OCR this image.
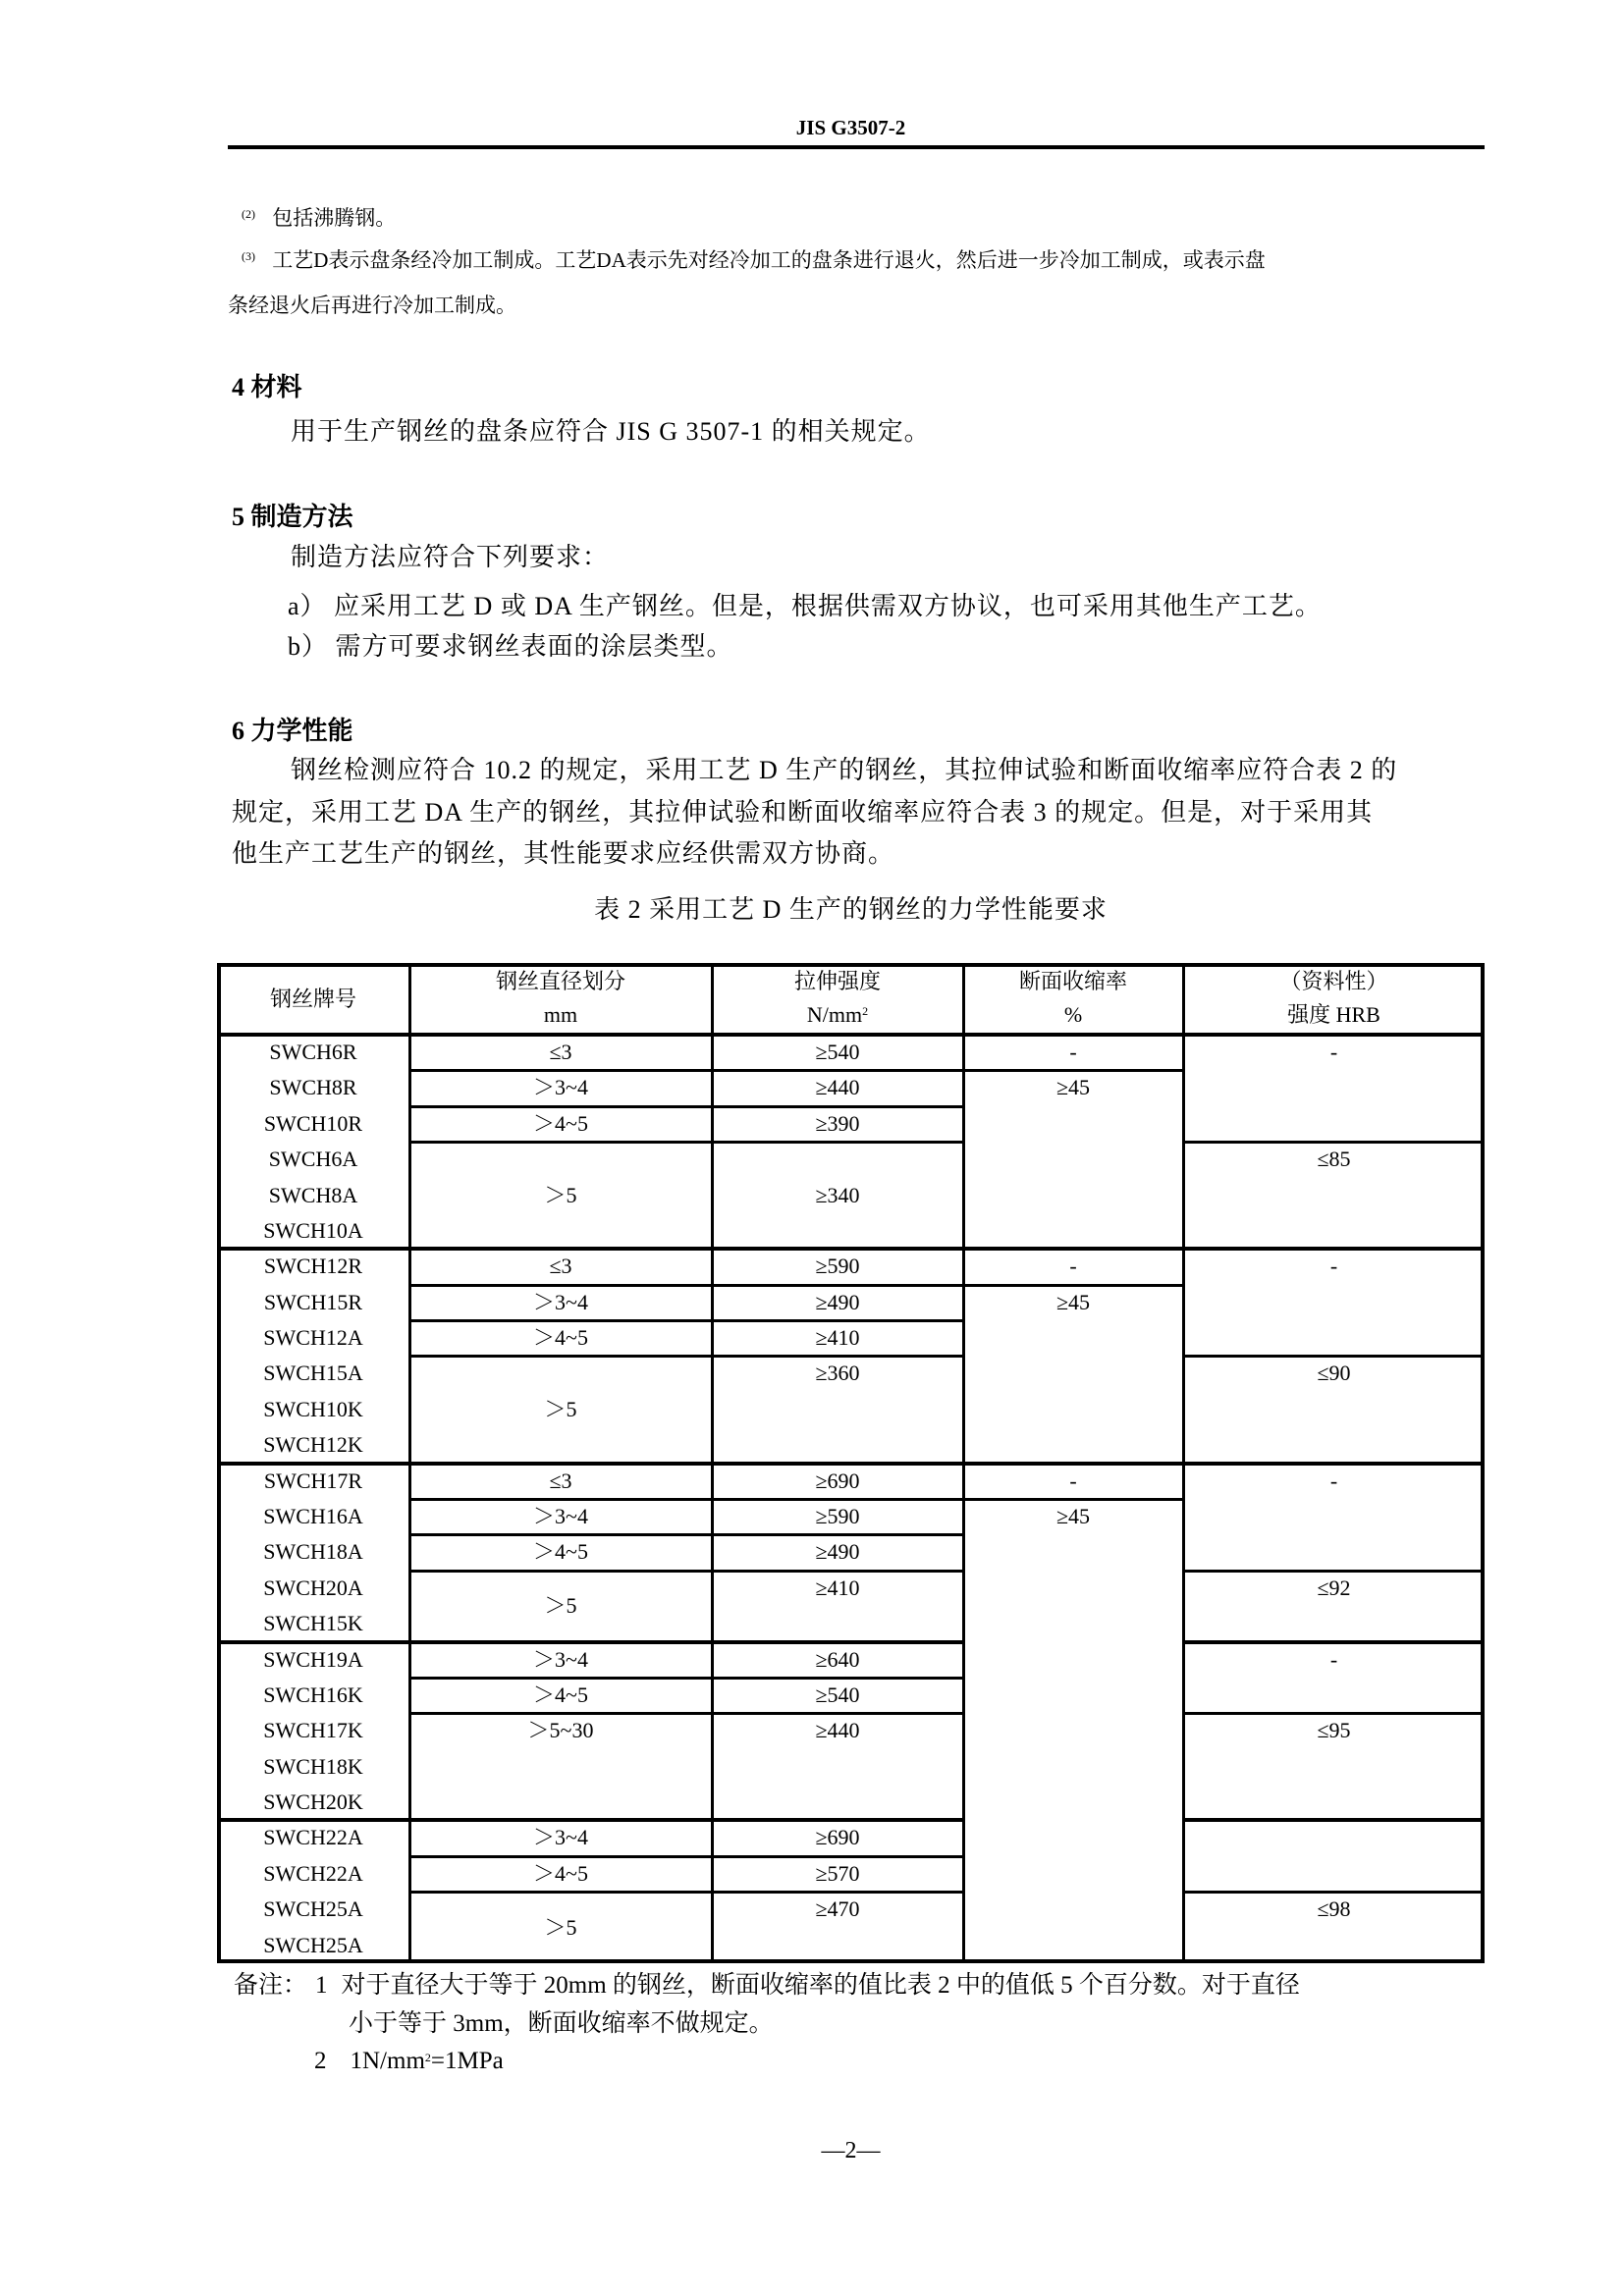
JIS G3507-2
$^{(2)}$ 包括沸腾钢。
$^{(3)}$ 工艺D表示盘条经冷加工制成。工艺DA表示先对经冷加工的盘条进行退火，然后进一步冷加工制成，或表示盘
条经退火后再进行冷加工制成。
4 材料
用于生产钢丝的盘条应符合 JIS G 3507-1 的相关规定。
5 制造方法
制造方法应符合下列要求：
a） 应采用工艺 D 或 DA 生产钢丝。但是，根据供需双方协议，也可采用其他生产工艺。
b） 需方可要求钢丝表面的涂层类型。
6 力学性能
钢丝检测应符合 10.2 的规定，采用工艺 D 生产的钢丝，其拉伸试验和断面收缩率应符合表 2 的
规定，采用工艺 DA 生产的钢丝，其拉伸试验和断面收缩率应符合表 3 的规定。但是，对于采用其
他生产工艺生产的钢丝，其性能要求应经供需双方协商。
表 2 采用工艺 D 生产的钢丝的力学性能要求
钢丝牌号
钢丝直径划分
mm
拉伸强度
$N/mm^2$
断面收缩率
%
（资料性）
强度 HRB
SWCH6R
SWCH8R
SWCH10R
SWCH6A
SWCH8A
SWCH10A
SWCH12R
SWCH15R
SWCH12A
SWCH15A
SWCH10K
SWCH12K
SWCH17R
SWCH16A
SWCH18A
SWCH20A
SWCH15K
SWCH19A
SWCH16K
SWCH17K
SWCH18K
SWCH20K
SWCH22A
SWCH22A
SWCH25A
SWCH25A
≤3
＞3~4
＞4~5
＞5
≤3
＞3~4
＞4~5
＞5
≤3
＞3~4
＞4~5
＞5
＞3~4
＞4~5
＞5~30
＞3~4
＞4~5
＞5
≥540
≥440
≥390
≥340
≥590
≥490
≥410
≥360
≥690
≥590
≥490
≥410
≥640
≥540
≥440
≥690
≥570
≥470
-
≥45
-
≥45
-
≥45
-
≤85
-
≤90
-
≤92
-
≤95
≤98
备注： 1 对于直径大于等于 20mm 的钢丝，断面收缩率的值比表 2 中的值低 5 个百分数。对于直径
小于等于 3mm，断面收缩率不做规定。
2 $1N/mm^2=1MPa$
—2—
